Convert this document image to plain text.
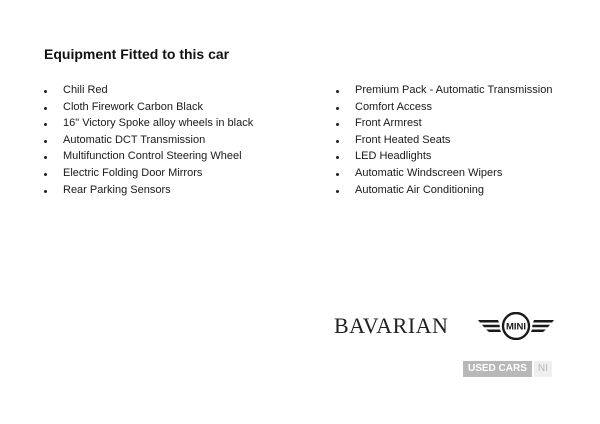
Equipment Fitted to this car
Chili Red
Cloth Firework Carbon Black
16" Victory Spoke alloy wheels in black
Automatic DCT Transmission
Multifunction Control Steering Wheel
Electric Folding Door Mirrors
Rear Parking Sensors
Premium Pack - Automatic Transmission
Comfort Access
Front Armrest
Front Heated Seats
LED Headlights
Automatic Windscreen Wipers
Automatic Air Conditioning
BAVARIAN	MINI
USED CARS	NI
